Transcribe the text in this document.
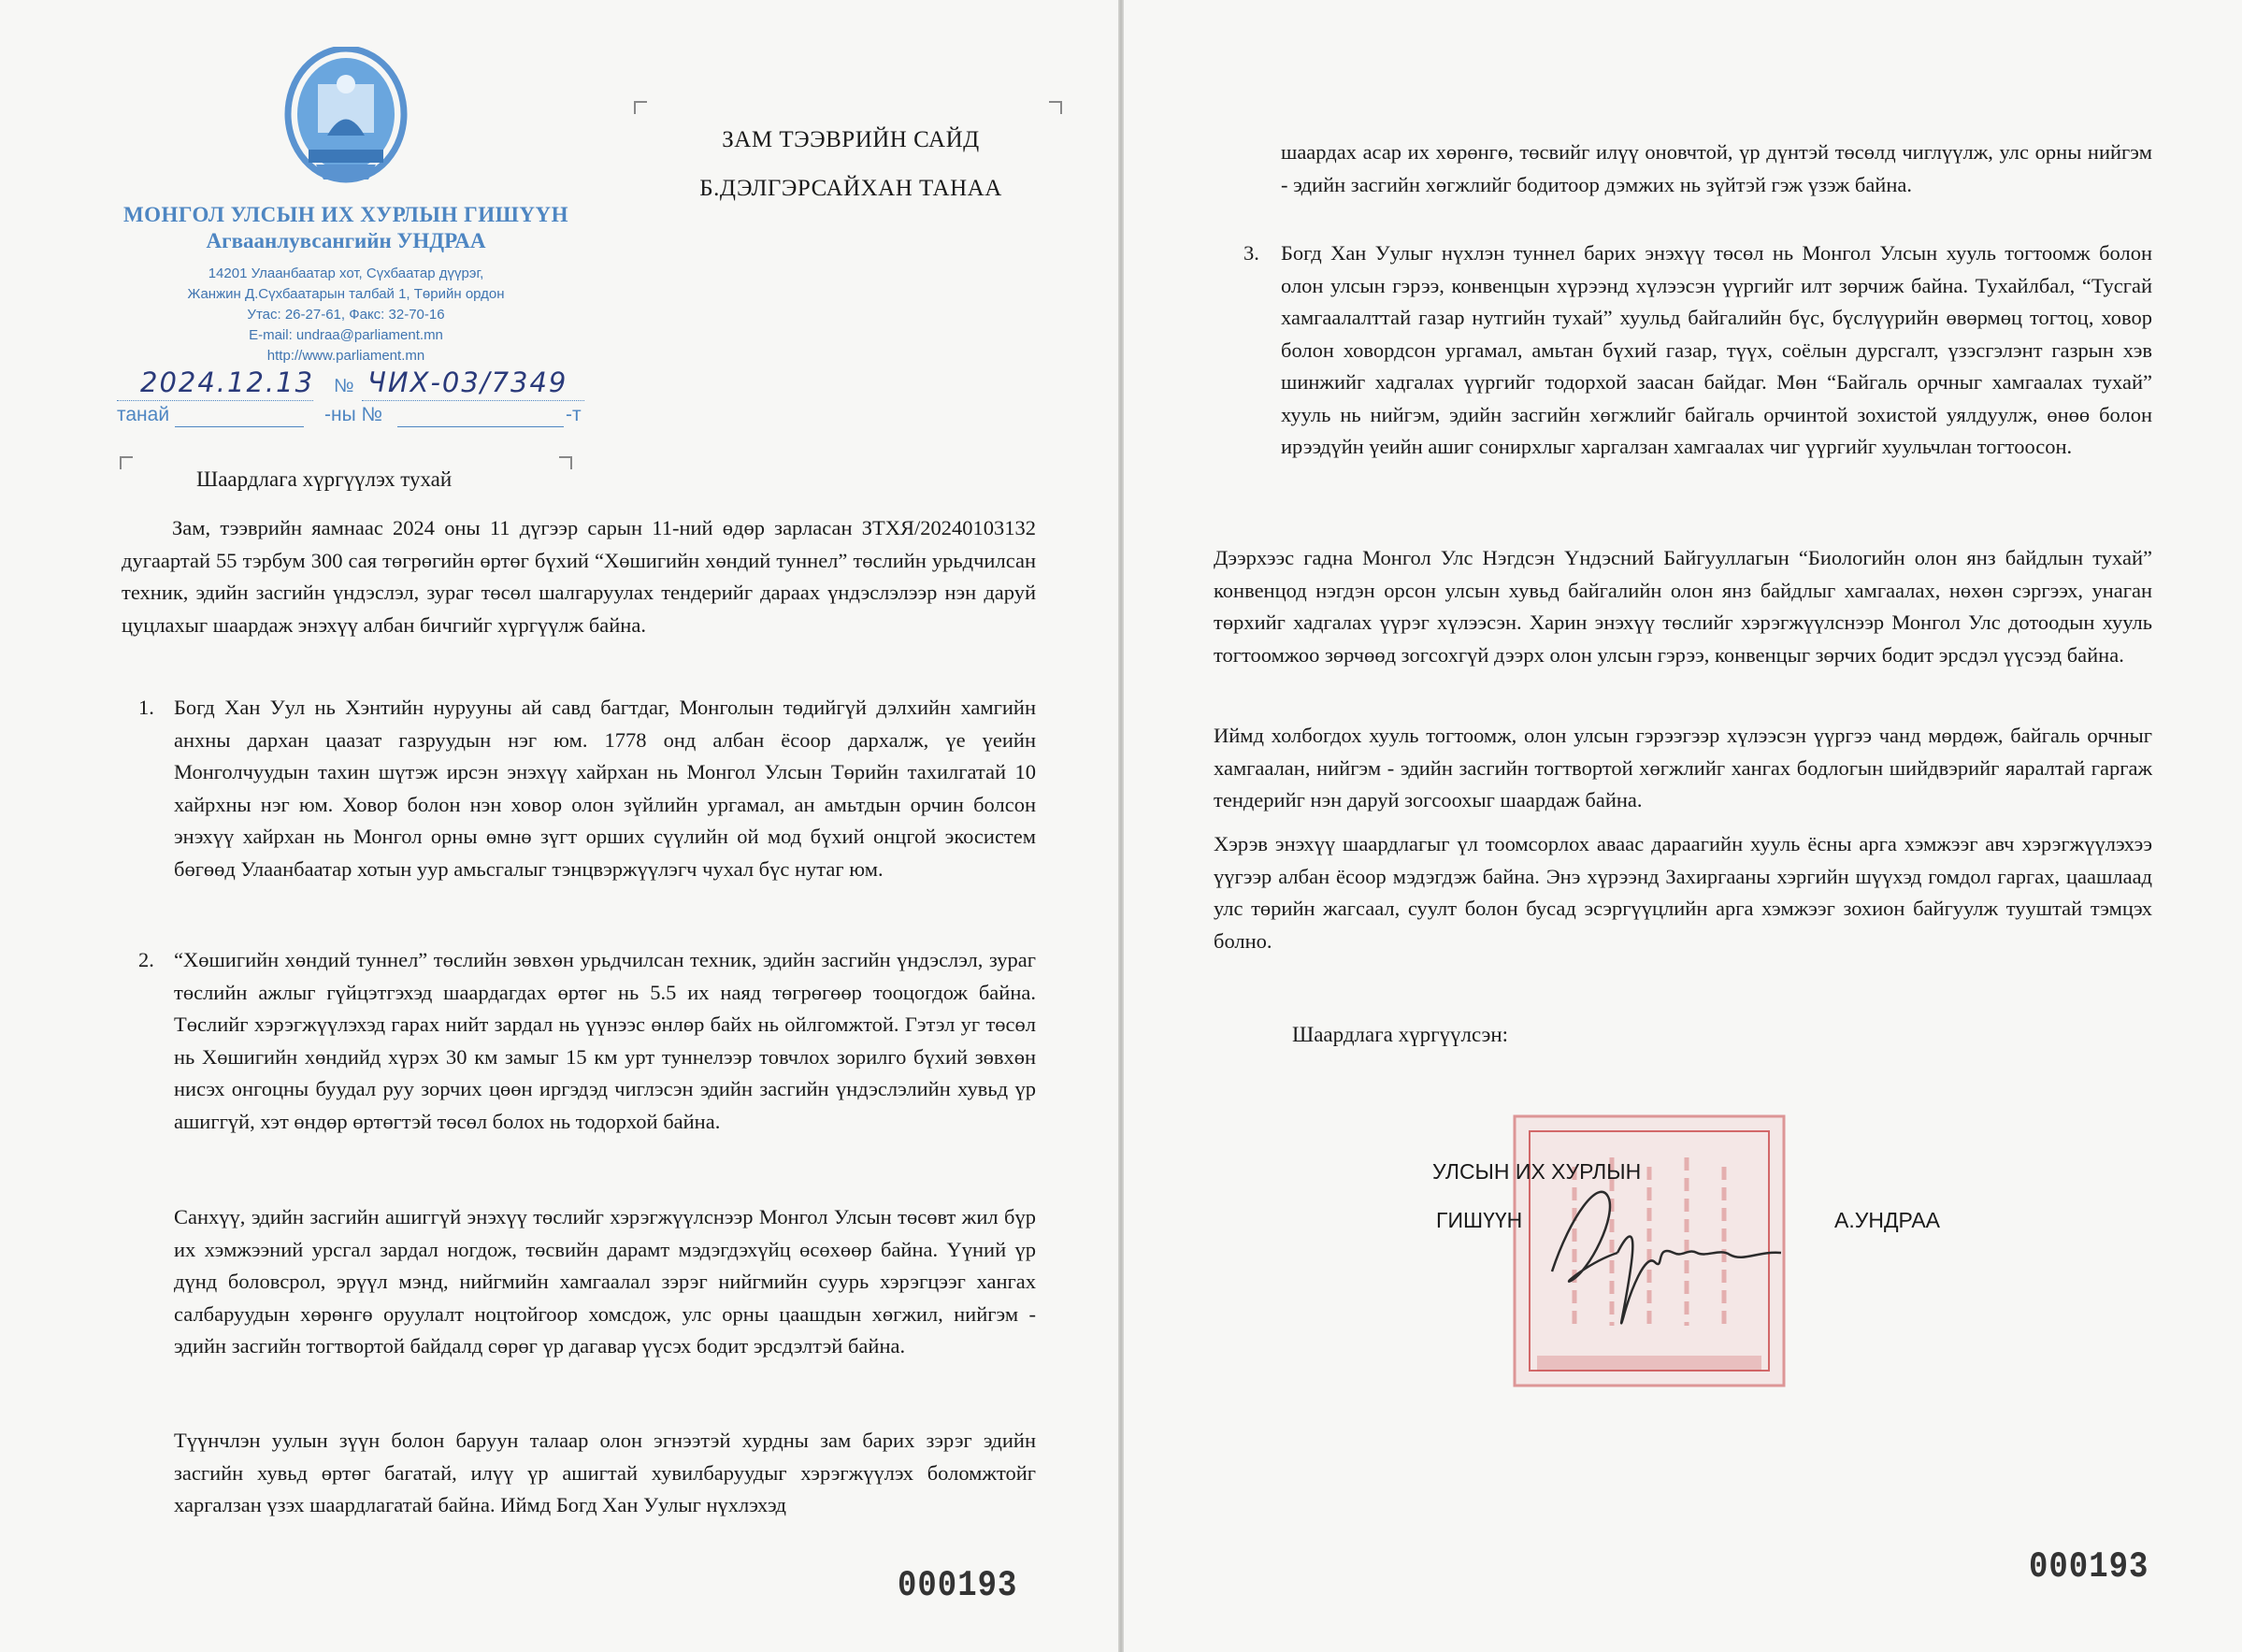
МОНГОЛ УЛСЫН ИХ ХУРЛЫН ГИШҮҮН
Агваанлувсангийн УНДРАА
14201 Улаанбаатар хот, Сүхбаатар дүүрэг,
Жанжин Д.Сүхбаатарын талбай 1, Төрийн ордон
Утас: 26-27-61, Факс: 32-70-16
E-mail: undraa@parliament.mn
http://www.parliament.mn
2024.12.13 № ЧИХ-03/7349
танай	-ны №	-т
ЗАМ ТЭЭВРИЙН САЙД
Б.ДЭЛГЭРСАЙХАН ТАНАА
Шаардлага хүргүүлэх тухай
Зам, тээврийн яамнаас 2024 оны 11 дүгээр сарын 11-ний өдөр зарласан ЗТХЯ/20240103132 дугаартай 55 тэрбум 300 сая төгрөгийн өртөг бүхий “Хөшигийн хөндий туннел” төслийн урьдчилсан техник, эдийн засгийн үндэслэл, зураг төсөл шалгаруулах тендерийг дараах үндэслэлээр нэн даруй цуцлахыг шаардаж энэхүү албан бичгийг хүргүүлж байна.
1. Богд Хан Уул нь Хэнтийн нурууны ай савд багтдаг, Монголын төдийгүй дэлхийн хамгийн анхны дархан цаазат газруудын нэг юм. 1778 онд албан ёсоор дархалж, үе үеийн Монголчуудын тахин шүтэж ирсэн энэхүү хайрхан нь Монгол Улсын Төрийн тахилгатай 10 хайрхны нэг юм. Ховор болон нэн ховор олон зүйлийн ургамал, ан амьтдын орчин болсон энэхүү хайрхан нь Монгол орны өмнө зүгт орших сүүлийн ой мод бүхий онцгой экосистем бөгөөд Улаанбаатар хотын уур амьсгалыг тэнцвэржүүлэгч чухал бүс нутаг юм.
2. “Хөшигийн хөндий туннел” төслийн зөвхөн урьдчилсан техник, эдийн засгийн үндэслэл, зураг төслийн ажлыг гүйцэтгэхэд шаардагдах өртөг нь 5.5 их наяд төгрөгөөр тооцогдож байна. Төслийг хэрэгжүүлэхэд гарах нийт зардал нь үүнээс өнлөр байх нь ойлгомжтой. Гэтэл уг төсөл нь Хөшигийн хөндийд хүрэх 30 км замыг 15 км урт туннелээр товчлох зорилго бүхий зөвхөн нисэх онгоцны буудал руу зорчих цөөн иргэдэд чиглэсэн эдийн засгийн үндэслэлийн хувьд үр ашиггүй, хэт өндөр өртөгтэй төсөл болох нь тодорхой байна.
Санхүү, эдийн засгийн ашиггүй энэхүү төслийг хэрэгжүүлснээр Монгол Улсын төсөвт жил бүр их хэмжээний урсгал зардал ногдож, төсвийн дарамт мэдэгдэхүйц өсөхөөр байна. Үүний үр дүнд боловсрол, эрүүл мэнд, нийгмийн хамгаалал зэрэг нийгмийн суурь хэрэгцээг хангах салбаруудын хөрөнгө оруулалт ноцтойгоор хомсдож, улс орны цаашдын хөгжил, нийгэм - эдийн засгийн тогтвортой байдалд сөрөг үр дагавар үүсэх бодит эрсдэлтэй байна.
Түүнчлэн уулын зүүн болон баруун талаар олон эгнээтэй хурдны зам барих зэрэг эдийн засгийн хувьд өртөг багатай, илүү үр ашигтай хувилбаруудыг хэрэгжүүлэх боломжтойг харгалзан үзэх шаардлагатай байна. Иймд Богд Хан Уулыг нүхлэхэд
000193
шаардах асар их хөрөнгө, төсвийг илүү оновчтой, үр дүнтэй төсөлд чиглүүлж, улс орны нийгэм - эдийн засгийн хөгжлийг бодитоор дэмжих нь зүйтэй гэж үзэж байна.
3. Богд Хан Уулыг нүхлэн туннел барих энэхүү төсөл нь Монгол Улсын хууль тогтоомж болон олон улсын гэрээ, конвенцын хүрээнд хүлээсэн үүргийг илт зөрчиж байна. Тухайлбал, “Тусгай хамгаалалттай газар нутгийн тухай” хуульд байгалийн бүс, бүслүүрийн өвөрмөц тогтоц, ховор болон ховордсон ургамал, амьтан бүхий газар, түүх, соёлын дурсгалт, үзэсгэлэнт газрын хэв шинжийг хадгалах үүргийг тодорхой заасан байдаг. Мөн “Байгаль орчныг хамгаалах тухай” хууль нь нийгэм, эдийн засгийн хөгжлийг байгаль орчинтой зохистой уялдуулж, өнөө болон ирээдүйн үеийн ашиг сонирхлыг харгалзан хамгаалах чиг үүргийг хуульчлан тогтоосон.
Дээрхээс гадна Монгол Улс Нэгдсэн Үндэсний Байгууллагын “Биологийн олон янз байдлын тухай” конвенцод нэгдэн орсон улсын хувьд байгалийн олон янз байдлыг хамгаалах, нөхөн сэргээх, унаган төрхийг хадгалах үүрэг хүлээсэн. Харин энэхүү төслийг хэрэгжүүлснээр Монгол Улс дотоодын хууль тогтоомжоо зөрчөөд зогсохгүй дээрх олон улсын гэрээ, конвенцыг зөрчих бодит эрсдэл үүсээд байна.
Иймд холбогдох хууль тогтоомж, олон улсын гэрээгээр хүлээсэн үүргээ чанд мөрдөж, байгаль орчныг хамгаалан, нийгэм - эдийн засгийн тогтвортой хөгжлийг хангах бодлогын шийдвэрийг яаралтай гаргаж тендерийг нэн даруй зогсоохыг шаардаж байна.
Хэрэв энэхүү шаардлагыг үл тоомсорлох аваас дараагийн хууль ёсны арга хэмжээг авч хэрэгжүүлэхээ үүгээр албан ёсоор мэдэгдэж байна. Энэ хүрээнд Захиргааны хэргийн шүүхэд гомдол гаргах, цаашлаад улс төрийн жагсаал, суулт болон бусад эсэргүүцлийн арга хэмжээг зохион байгуулж тууштай тэмцэх болно.
Шаардлага хүргүүлсэн:
000193
УЛСЫН ИХ ХУРЛЫН
ГИШҮҮН	А.УНДРАА
